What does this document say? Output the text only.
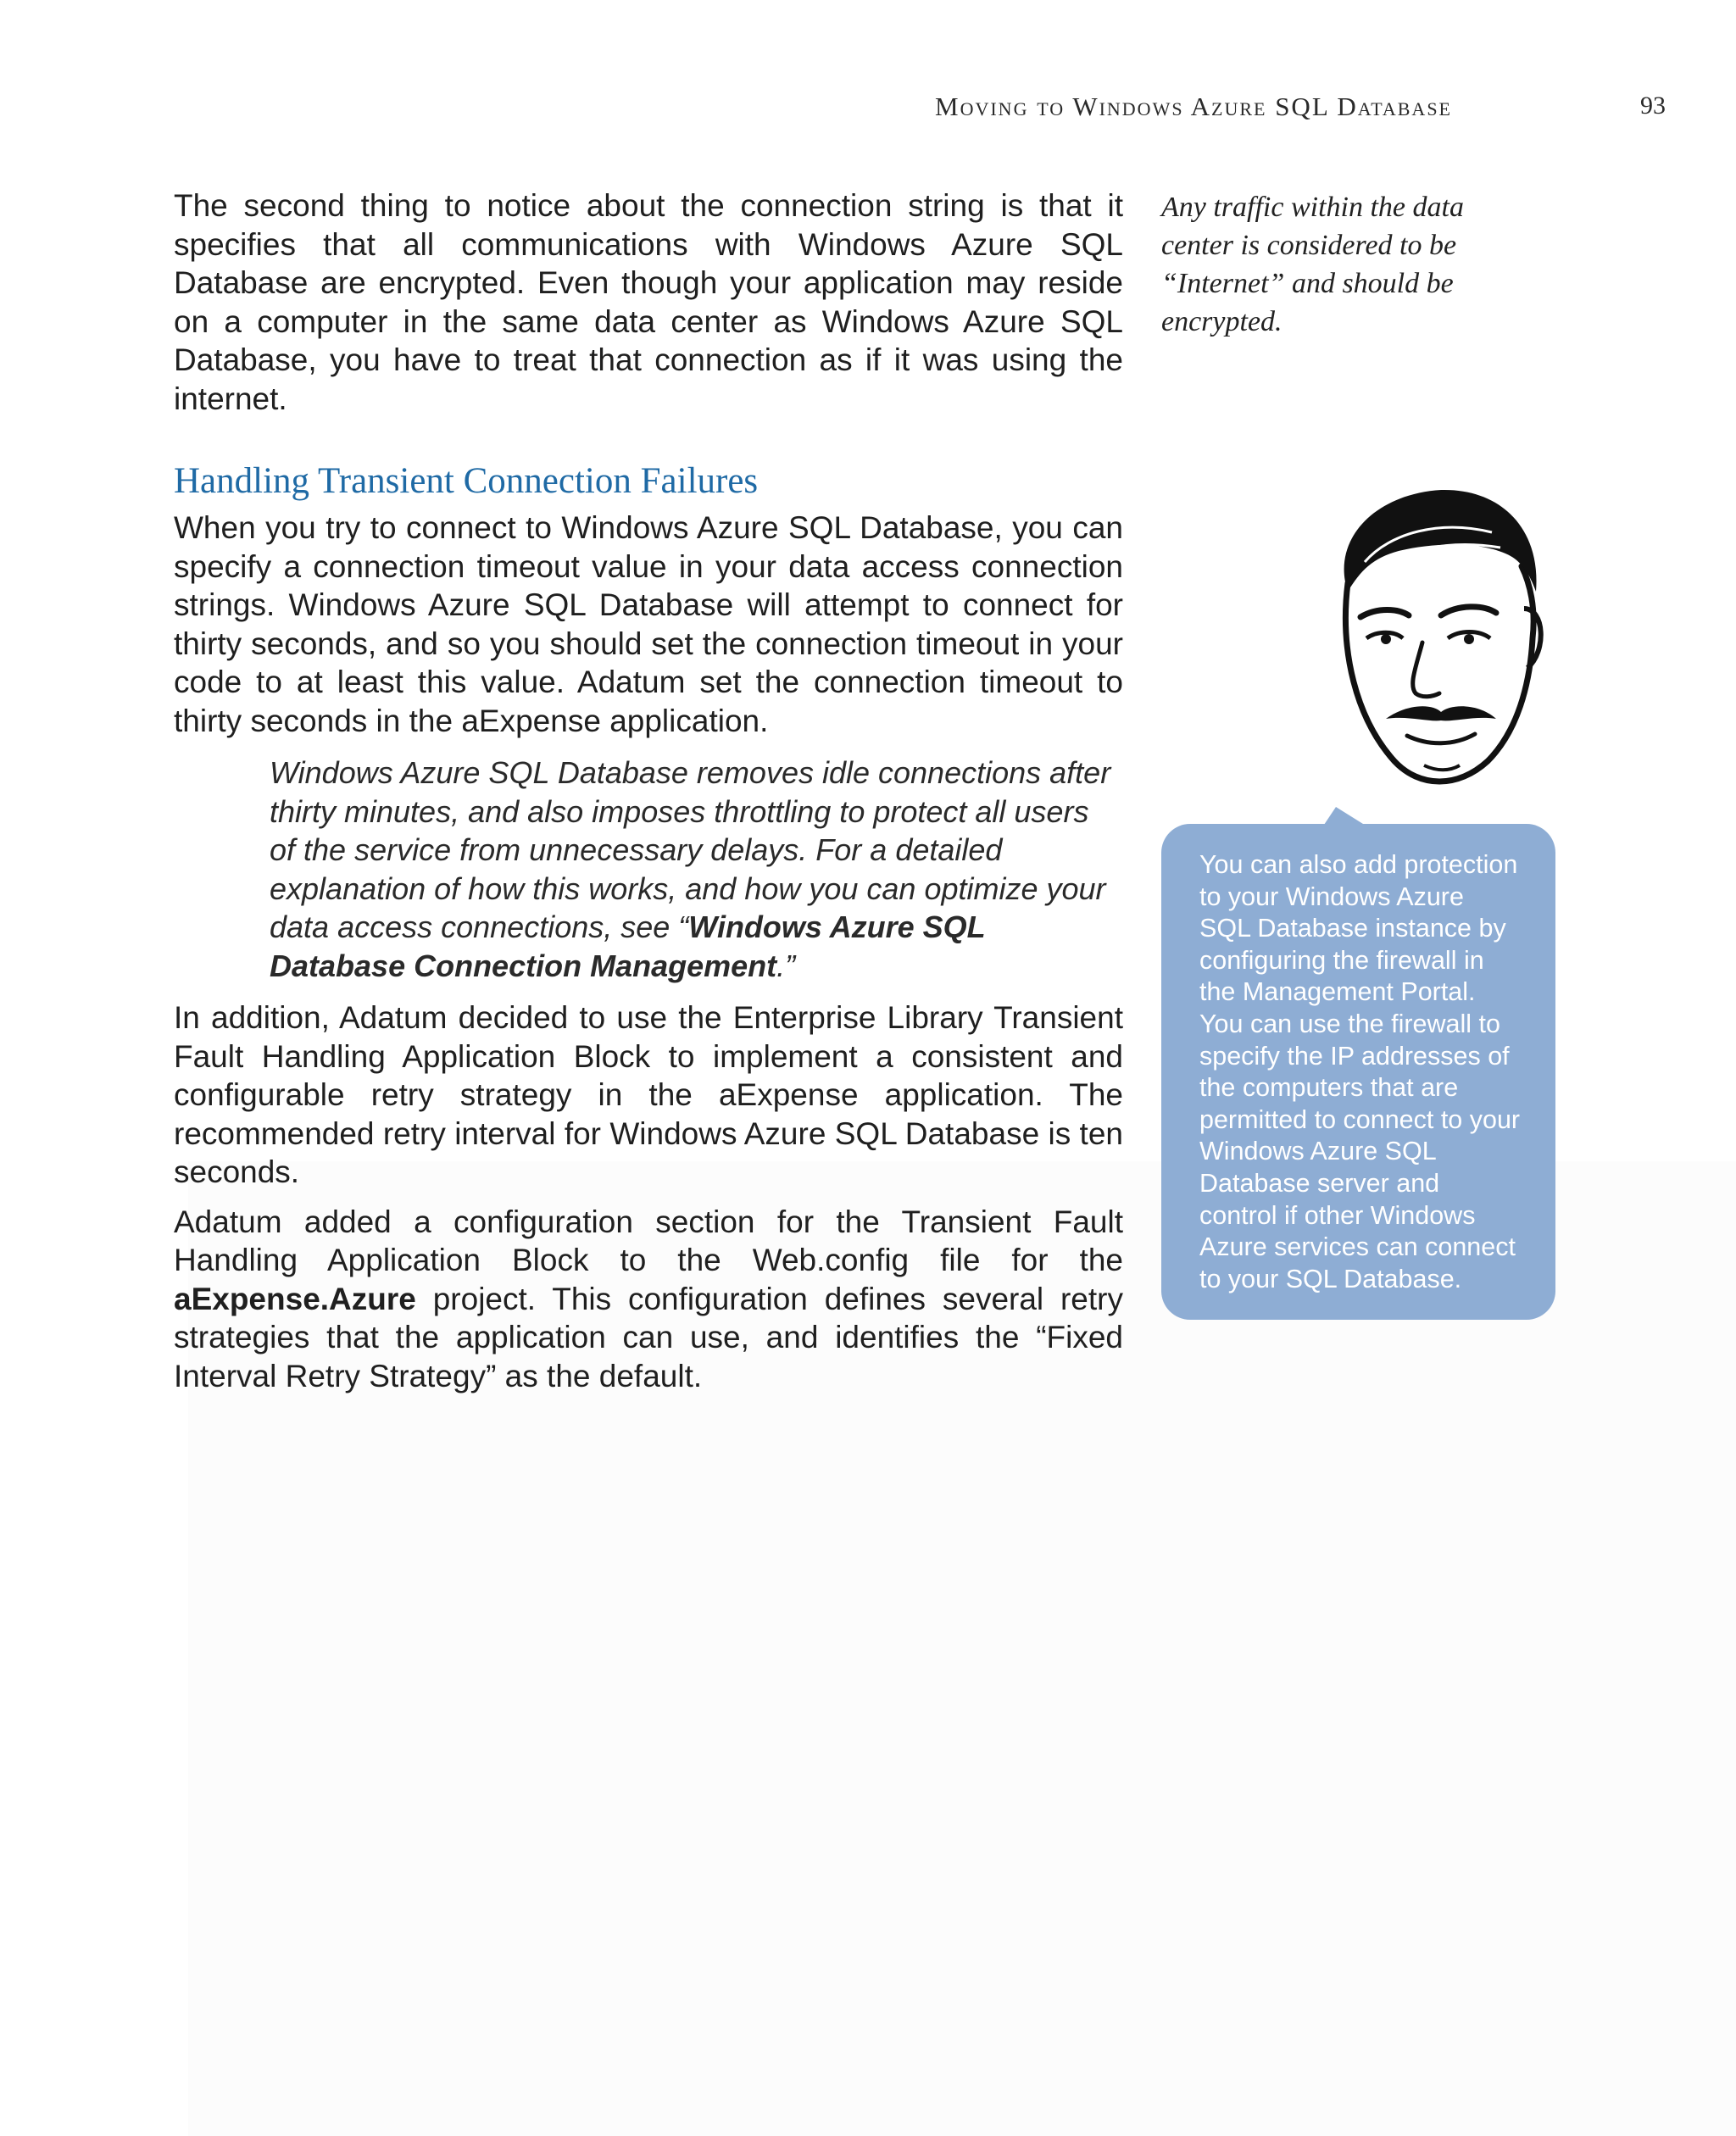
Moving to Windows Azure SQL Database	93

The second thing to notice about the connection string is that it specifies that all communications with Windows Azure SQL Database are encrypted. Even though your application may reside on a computer in the same data center as Windows Azure SQL Database, you have to treat that connection as if it was using the internet.

Handling Transient Connection Failures

When you try to connect to Windows Azure SQL Database, you can specify a connection timeout value in your data access connection strings. Windows Azure SQL Database will attempt to connect for thirty seconds, and so you should set the connection timeout in your code to at least this value. Adatum set the connection timeout to thirty seconds in the aExpense application.

Windows Azure SQL Database removes idle connections after thirty minutes, and also imposes throttling to protect all users of the service from unnecessary delays. For a detailed explanation of how this works, and how you can optimize your data access connections, see “Windows Azure SQL Database Connection Management.”

In addition, Adatum decided to use the Enterprise Library Transient Fault Handling Application Block to implement a consistent and configurable retry strategy in the aExpense application. The recommended retry interval for Windows Azure SQL Database is ten seconds.

Adatum added a configuration section for the Transient Fault Handling Application Block to the Web.config file for the aExpense.Azure project. This configuration defines several retry strategies that the application can use, and identifies the “Fixed Interval Retry Strategy” as the default.

Any traffic within the data center is considered to be “Internet” and should be encrypted.
You can also add protection to your Windows Azure SQL Database instance by configuring the firewall in the Management Portal. You can use the firewall to specify the IP addresses of the computers that are permitted to connect to your Windows Azure SQL Database server and control if other Windows Azure services can connect to your SQL Database.
